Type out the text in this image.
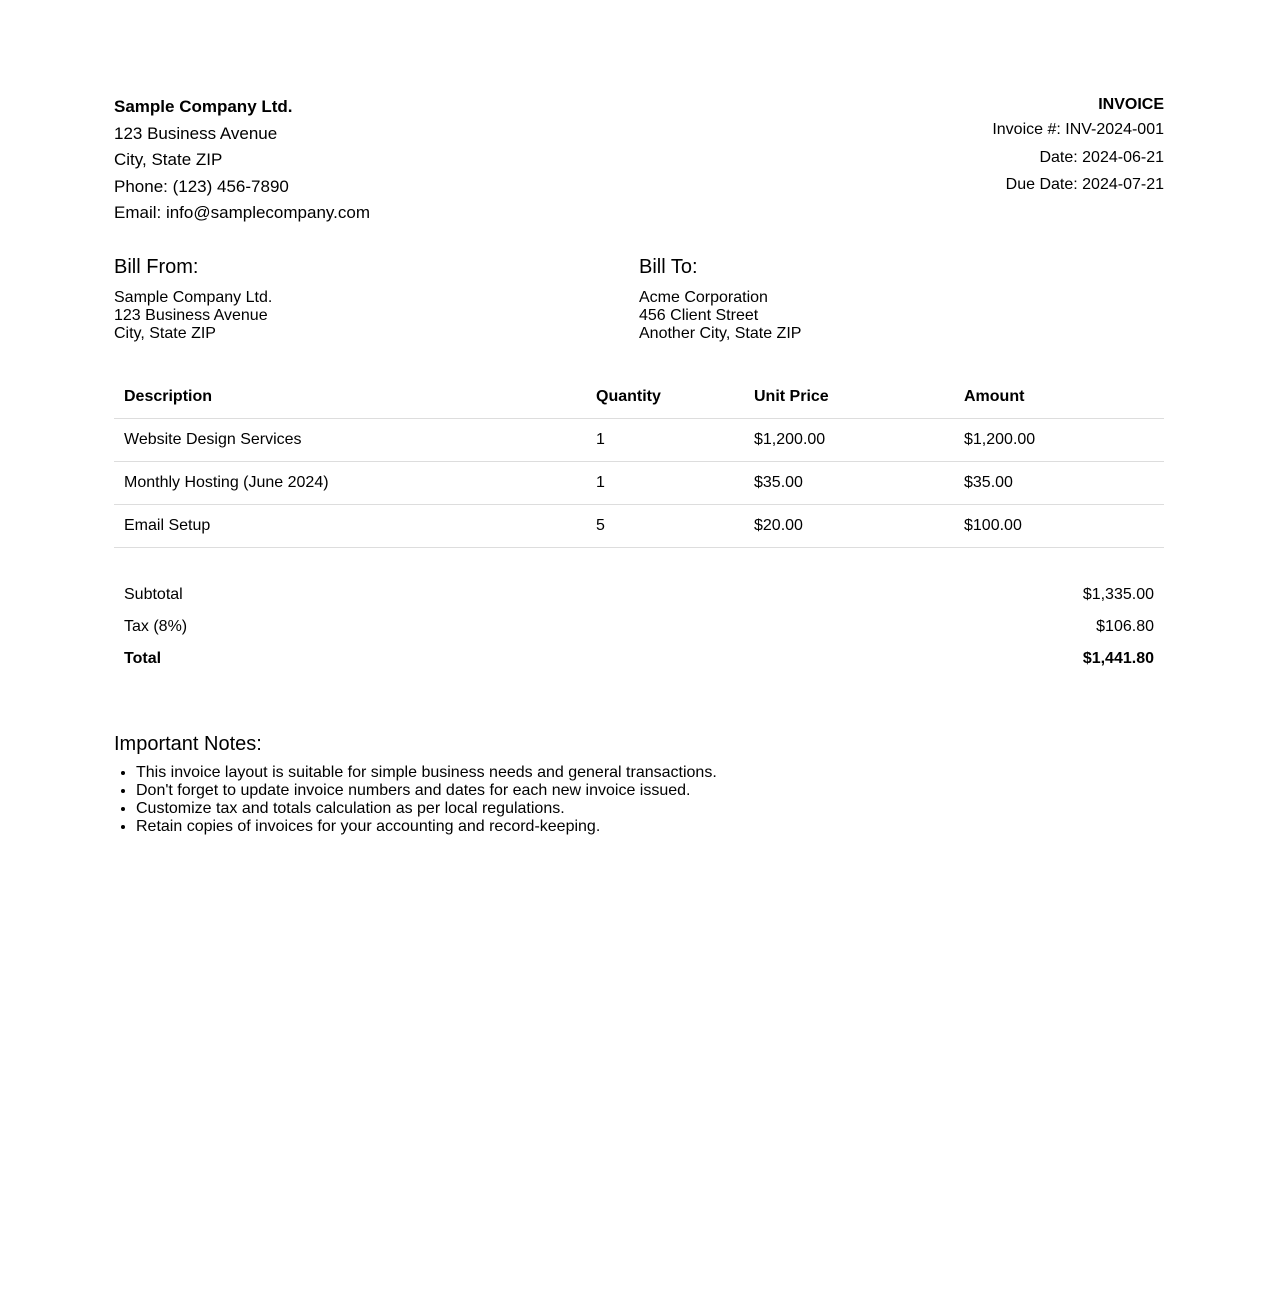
Sample Company Ltd.
123 Business Avenue
City, State ZIP
Phone: (123) 456-7890
Email: info@samplecompany.com
INVOICE
Invoice #: INV-2024-001
Date: 2024-06-21
Due Date: 2024-07-21
Bill From:
Sample Company Ltd.
123 Business Avenue
City, State ZIP
Bill To:
Acme Corporation
456 Client Street
Another City, State ZIP
Description	Quantity	Unit Price	Amount
Website Design Services	1	$1,200.00	$1,200.00
Monthly Hosting (June 2024)	1	$35.00	$35.00
Email Setup	5	$20.00	$100.00
Subtotal	$1,335.00
Tax (8%)	$106.80
Total	$1,441.80
Important Notes:
• This invoice layout is suitable for simple business needs and general transactions.
• Don't forget to update invoice numbers and dates for each new invoice issued.
• Customize tax and totals calculation as per local regulations.
• Retain copies of invoices for your accounting and record-keeping.
